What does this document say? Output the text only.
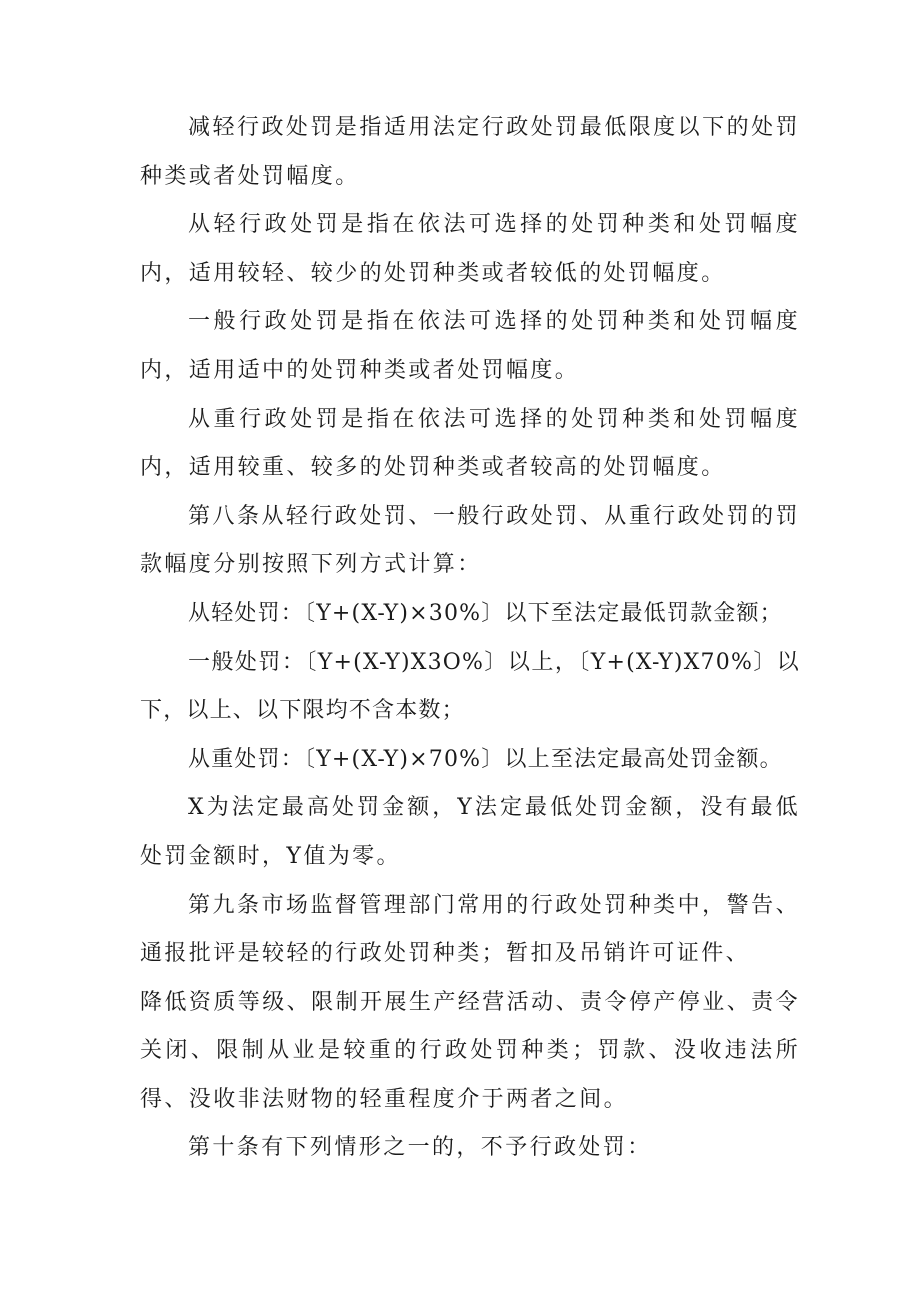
减轻行政处罚是指适用法定行政处罚最低限度以下的处罚种类或者处罚幅度。

从轻行政处罚是指在依法可选择的处罚种类和处罚幅度内，适用较轻、较少的处罚种类或者较低的处罚幅度。

一般行政处罚是指在依法可选择的处罚种类和处罚幅度内，适用适中的处罚种类或者处罚幅度。

从重行政处罚是指在依法可选择的处罚种类和处罚幅度内，适用较重、较多的处罚种类或者较高的处罚幅度。

第八条从轻行政处罚、一般行政处罚、从重行政处罚的罚款幅度分别按照下列方式计算：

从轻处罚：〔Y+(X-Y)×30%〕以下至法定最低罚款金额；

一般处罚：〔Y+(X-Y)X3O%〕以上，〔Y+(X-Y)X70%〕以下，以上、以下限均不含本数；

从重处罚：〔Y+(X-Y)×70%〕以上至法定最高处罚金额。

X为法定最高处罚金额，Y法定最低处罚金额，没有最低处罚金额时，Y值为零。

第九条市场监督管理部门常用的行政处罚种类中，警告、通报批评是较轻的行政处罚种类；暂扣及吊销许可证件、

降低资质等级、限制开展生产经营活动、责令停产停业、责令关闭、限制从业是较重的行政处罚种类；罚款、没收违法所得、没收非法财物的轻重程度介于两者之间。

第十条有下列情形之一的，不予行政处罚：
